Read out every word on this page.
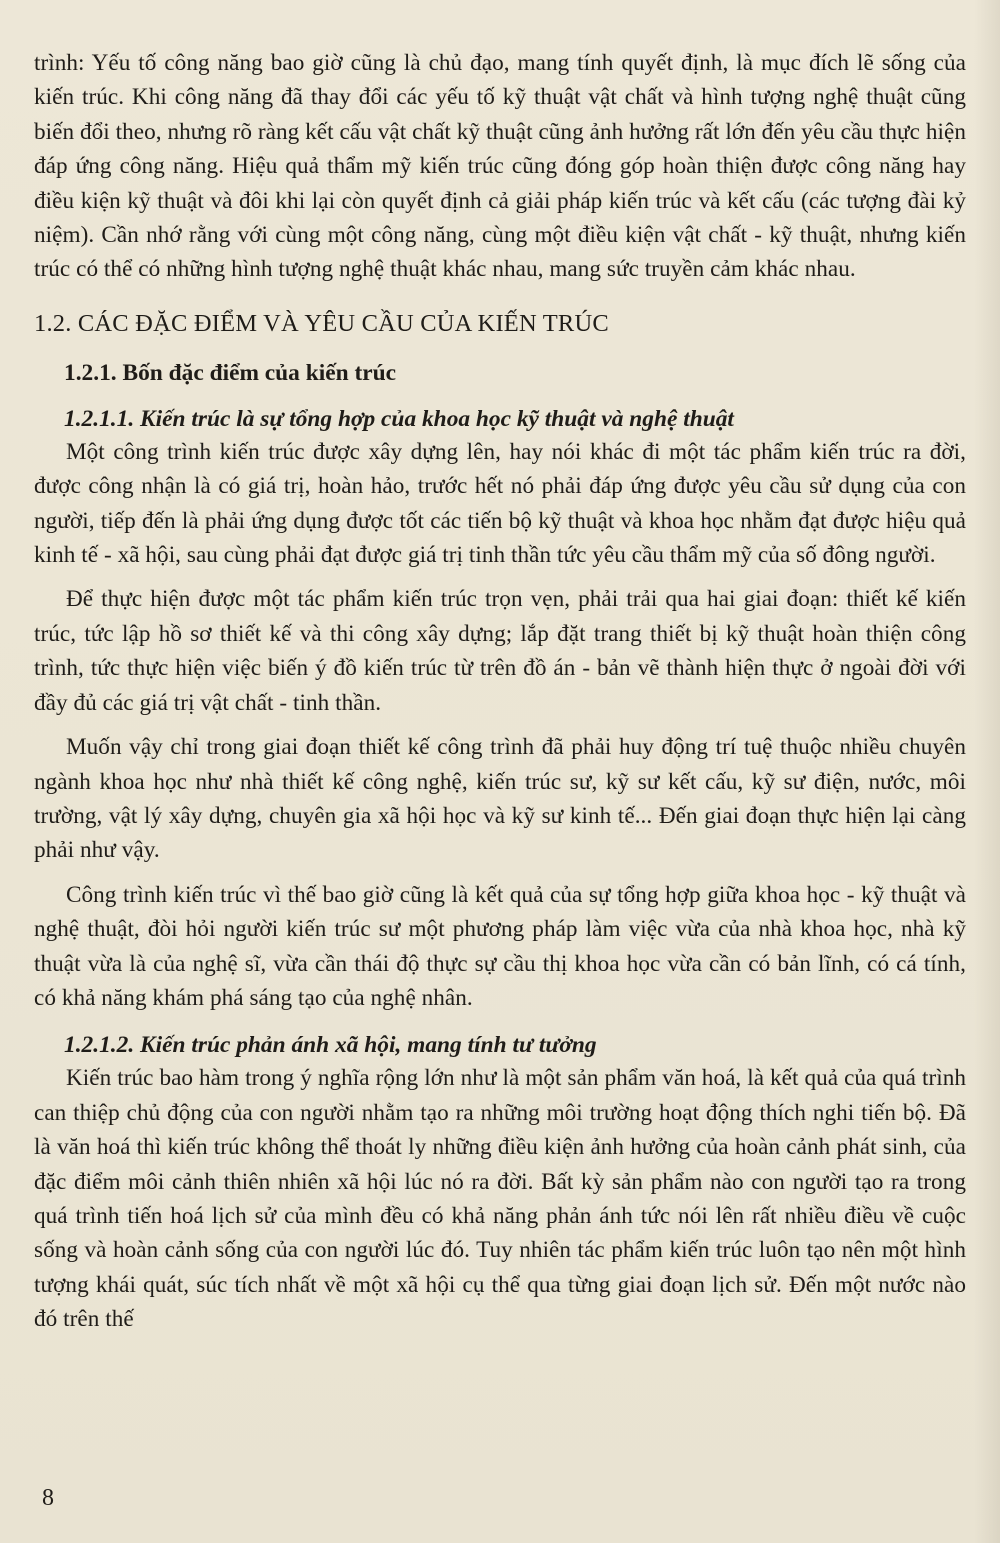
trình: Yếu tố công năng bao giờ cũng là chủ đạo, mang tính quyết định, là mục đích lẽ sống của kiến trúc. Khi công năng đã thay đổi các yếu tố kỹ thuật vật chất và hình tượng nghệ thuật cũng biến đổi theo, nhưng rõ ràng kết cấu vật chất kỹ thuật cũng ảnh hưởng rất lớn đến yêu cầu thực hiện đáp ứng công năng. Hiệu quả thẩm mỹ kiến trúc cũng đóng góp hoàn thiện được công năng hay điều kiện kỹ thuật và đôi khi lại còn quyết định cả giải pháp kiến trúc và kết cấu (các tượng đài kỷ niệm). Cần nhớ rằng với cùng một công năng, cùng một điều kiện vật chất - kỹ thuật, nhưng kiến trúc có thể có những hình tượng nghệ thuật khác nhau, mang sức truyền cảm khác nhau.

1.2. CÁC ĐẶC ĐIỂM VÀ YÊU CẦU CỦA KIẾN TRÚC
1.2.1. Bốn đặc điểm của kiến trúc
1.2.1.1. Kiến trúc là sự tổng hợp của khoa học kỹ thuật và nghệ thuật

Một công trình kiến trúc được xây dựng lên, hay nói khác đi một tác phẩm kiến trúc ra đời, được công nhận là có giá trị, hoàn hảo, trước hết nó phải đáp ứng được yêu cầu sử dụng của con người, tiếp đến là phải ứng dụng được tốt các tiến bộ kỹ thuật và khoa học nhằm đạt được hiệu quả kinh tế - xã hội, sau cùng phải đạt được giá trị tinh thần tức yêu cầu thẩm mỹ của số đông người.

Để thực hiện được một tác phẩm kiến trúc trọn vẹn, phải trải qua hai giai đoạn: thiết kế kiến trúc, tức lập hồ sơ thiết kế và thi công xây dựng; lắp đặt trang thiết bị kỹ thuật hoàn thiện công trình, tức thực hiện việc biến ý đồ kiến trúc từ trên đồ án - bản vẽ thành hiện thực ở ngoài đời với đầy đủ các giá trị vật chất - tinh thần.

Muốn vậy chỉ trong giai đoạn thiết kế công trình đã phải huy động trí tuệ thuộc nhiều chuyên ngành khoa học như nhà thiết kế công nghệ, kiến trúc sư, kỹ sư kết cấu, kỹ sư điện, nước, môi trường, vật lý xây dựng, chuyên gia xã hội học và kỹ sư kinh tế... Đến giai đoạn thực hiện lại càng phải như vậy.

Công trình kiến trúc vì thế bao giờ cũng là kết quả của sự tổng hợp giữa khoa học - kỹ thuật và nghệ thuật, đòi hỏi người kiến trúc sư một phương pháp làm việc vừa của nhà khoa học, nhà kỹ thuật vừa là của nghệ sĩ, vừa cần thái độ thực sự cầu thị khoa học vừa cần có bản lĩnh, có cá tính, có khả năng khám phá sáng tạo của nghệ nhân.

1.2.1.2. Kiến trúc phản ánh xã hội, mang tính tư tưởng

Kiến trúc bao hàm trong ý nghĩa rộng lớn như là một sản phẩm văn hoá, là kết quả của quá trình can thiệp chủ động của con người nhằm tạo ra những môi trường hoạt động thích nghi tiến bộ. Đã là văn hoá thì kiến trúc không thể thoát ly những điều kiện ảnh hưởng của hoàn cảnh phát sinh, của đặc điểm môi cảnh thiên nhiên xã hội lúc nó ra đời. Bất kỳ sản phẩm nào con người tạo ra trong quá trình tiến hoá lịch sử của mình đều có khả năng phản ánh tức nói lên rất nhiều điều về cuộc sống và hoàn cảnh sống của con người lúc đó. Tuy nhiên tác phẩm kiến trúc luôn tạo nên một hình tượng khái quát, súc tích nhất về một xã hội cụ thể qua từng giai đoạn lịch sử. Đến một nước nào đó trên thế

8
